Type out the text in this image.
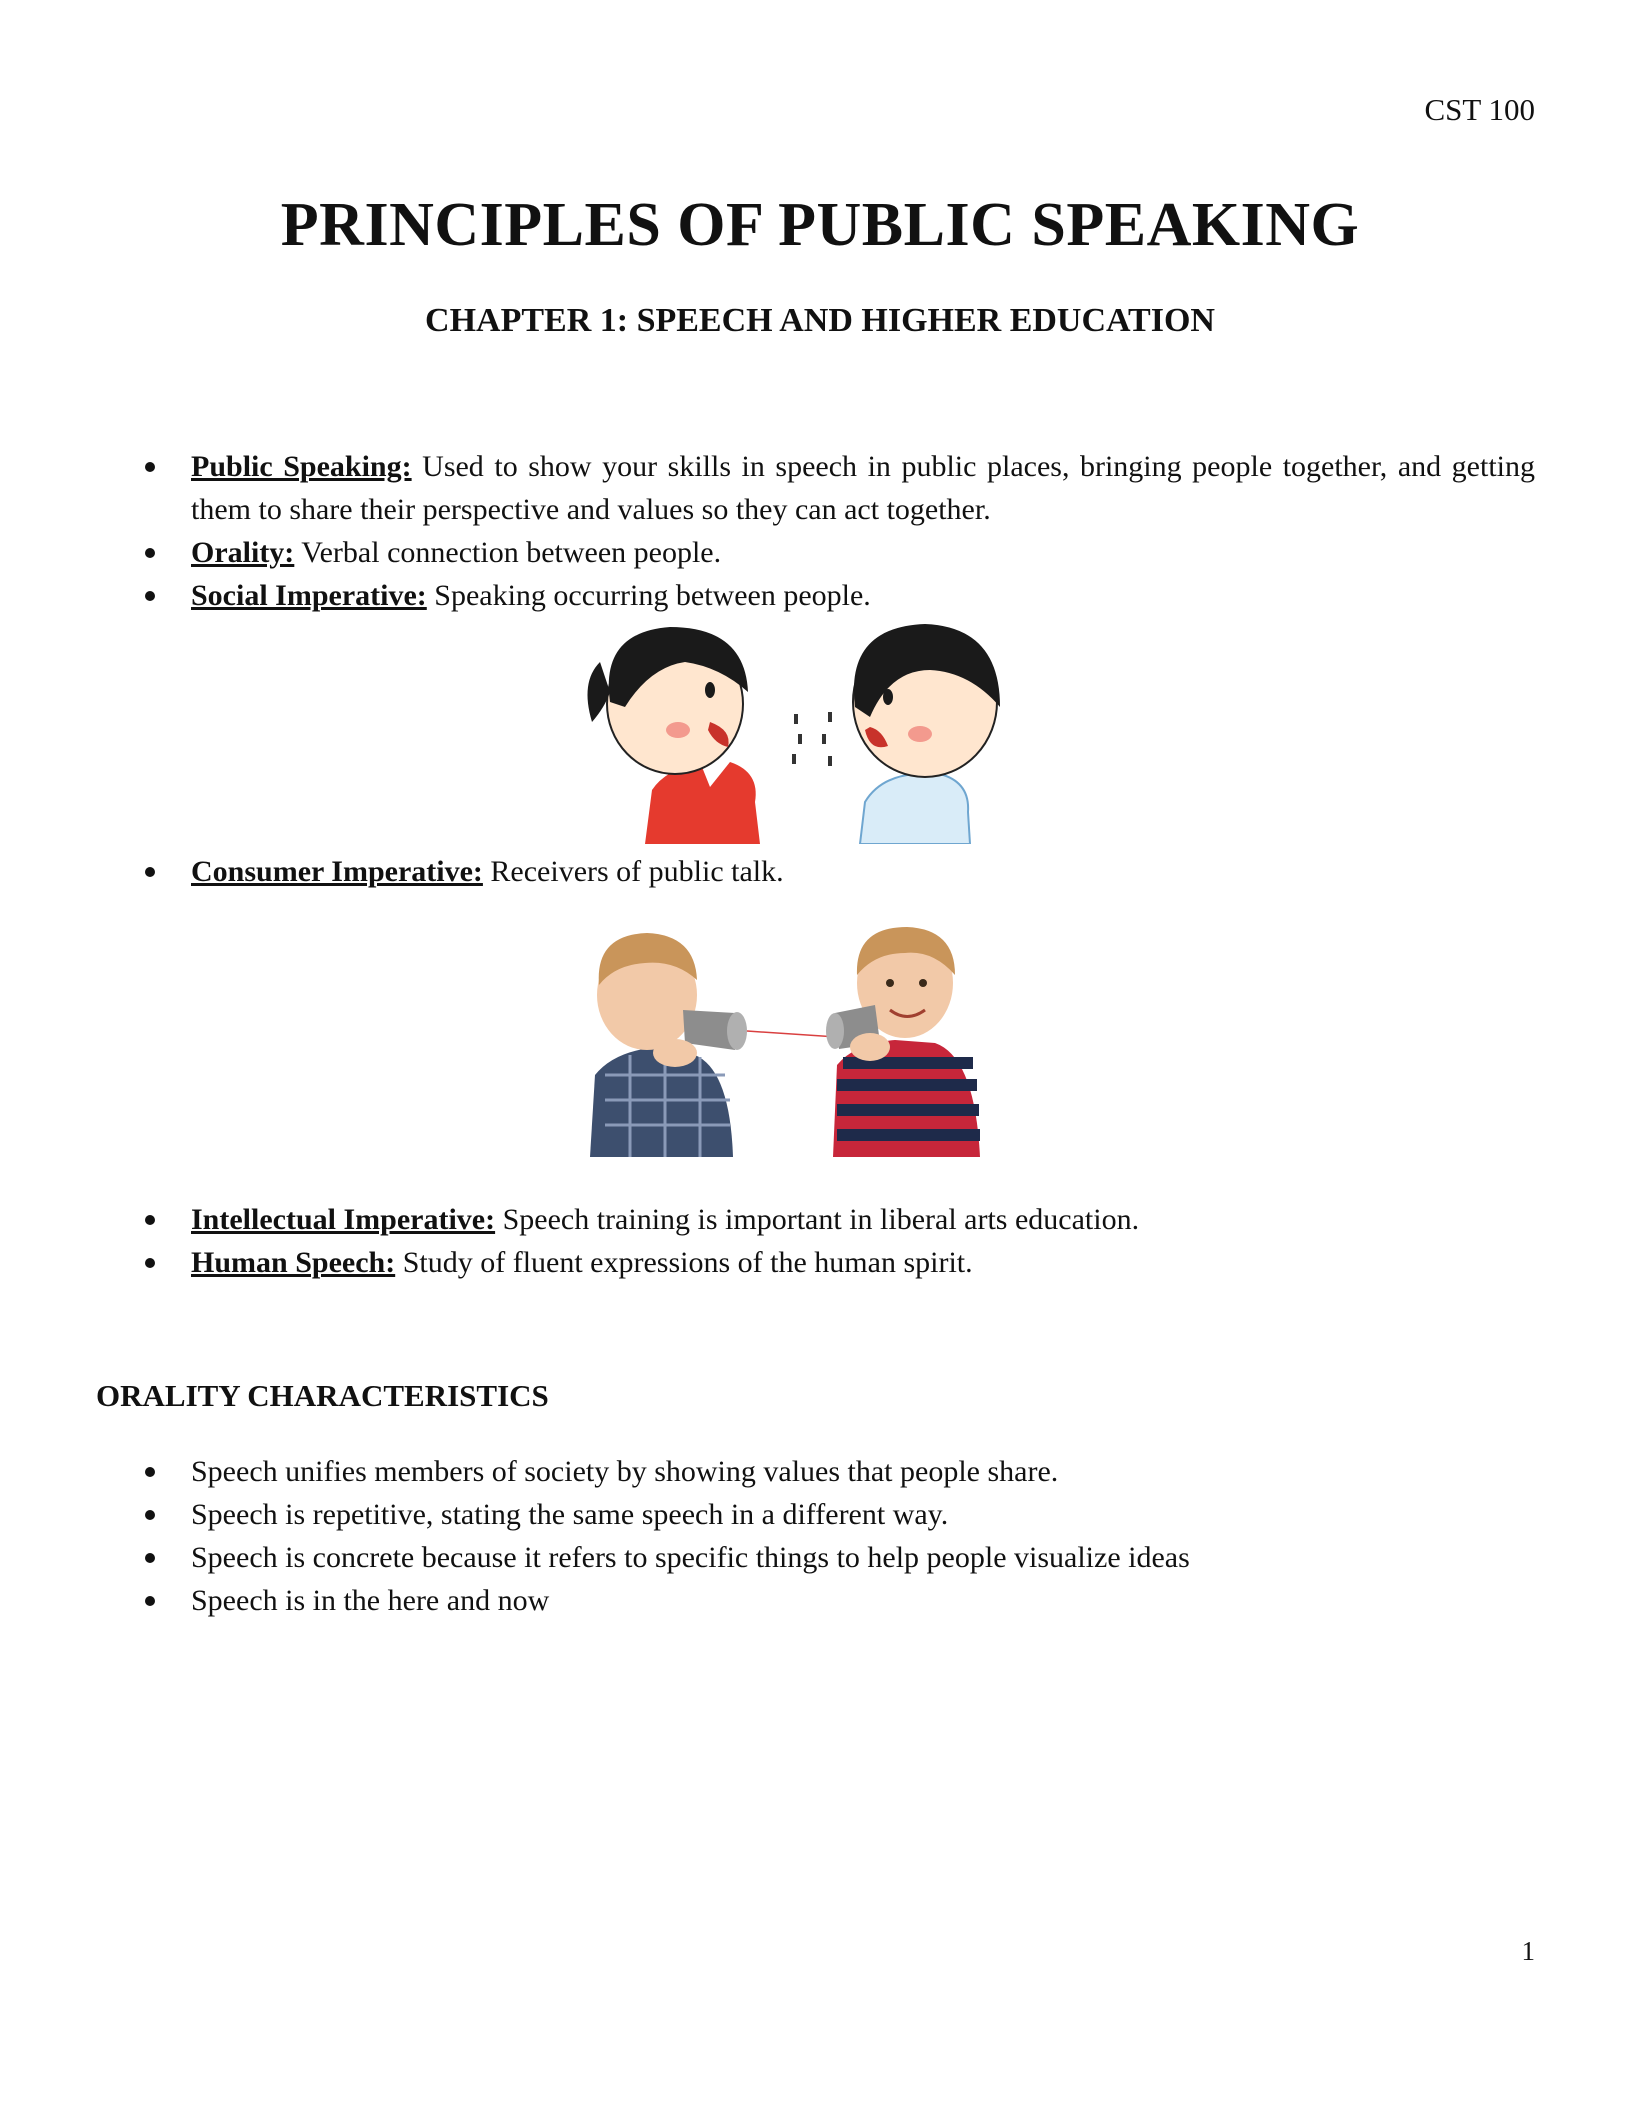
CST 100
PRINCIPLES OF PUBLIC SPEAKING
CHAPTER 1: SPEECH AND HIGHER EDUCATION
Public Speaking: Used to show your skills in speech in public places, bringing people together, and getting them to share their perspective and values so they can act together.
Orality: Verbal connection between people.
Social Imperative: Speaking occurring between people.
Consumer Imperative: Receivers of public talk.
Intellectual Imperative: Speech training is important in liberal arts education.
Human Speech: Study of fluent expressions of the human spirit.
ORALITY CHARACTERISTICS
Speech unifies members of society by showing values that people share.
Speech is repetitive, stating the same speech in a different way.
Speech is concrete because it refers to specific things to help people visualize ideas
Speech is in the here and now
1
